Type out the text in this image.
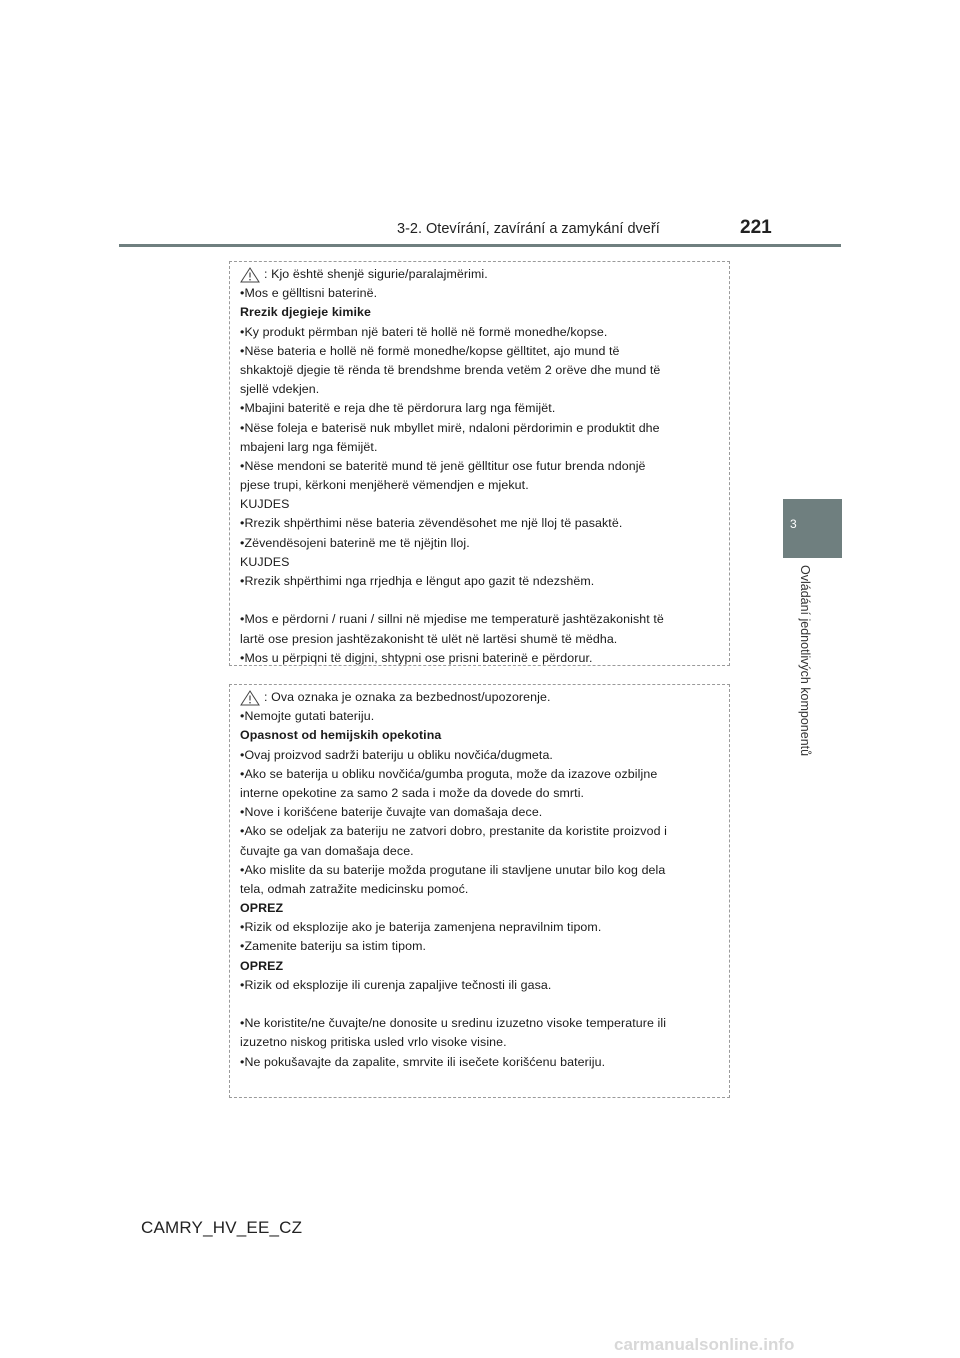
3-2. Otevírání, zavírání a zamykání dveří	221
3
Ovládání jednotlivých komponentů
: Kjo është shenjë sigurie/paralajmërimi.
•Mos e gëlltisni baterinë.
Rrezik djegieje kimike
•Ky produkt përmban një bateri të hollë në formë monedhe/kopse.
•Nëse bateria e hollë në formë monedhe/kopse gëlltitet, ajo mund të
shkaktojë djegie të rënda të brendshme brenda vetëm 2 orëve dhe mund të
sjellë vdekjen.
•Mbajini bateritë e reja dhe të përdorura larg nga fëmijët.
•Nëse foleja e baterisë nuk mbyllet mirë, ndaloni përdorimin e produktit dhe
mbajeni larg nga fëmijët.
•Nëse mendoni se bateritë mund të jenë gëlltitur ose futur brenda ndonjë
pjese trupi, kërkoni menjëherë vëmendjen e mjekut.
KUJDES
•Rrezik shpërthimi nëse bateria zëvendësohet me një lloj të pasaktë.
•Zëvendësojeni baterinë me të njëjtin lloj.
KUJDES
•Rrezik shpërthimi nga rrjedhja e lëngut apo gazit të ndezshëm.
•Mos e përdorni / ruani / sillni në mjedise me temperaturë jashtëzakonisht të
lartë ose presion jashtëzakonisht të ulët në lartësi shumë të mëdha.
•Mos u përpiqni të digjni, shtypni ose prisni baterinë e përdorur.
: Ova oznaka je oznaka za bezbednost/upozorenje.
•Nemojte gutati bateriju.
Opasnost od hemijskih opekotina
•Ovaj proizvod sadrži bateriju u obliku novčića/dugmeta.
•Ako se baterija u obliku novčića/gumba proguta, može da izazove ozbiljne
interne opekotine za samo 2 sada i može da dovede do smrti.
•Nove i korišćene baterije čuvajte van domašaja dece.
•Ako se odeljak za bateriju ne zatvori dobro, prestanite da koristite proizvod i
čuvajte ga van domašaja dece.
•Ako mislite da su baterije možda progutane ili stavljene unutar bilo kog dela
tela, odmah zatražite medicinsku pomoć.
OPREZ
•Rizik od eksplozije ako je baterija zamenjena nepravilnim tipom.
•Zamenite bateriju sa istim tipom.
OPREZ
•Rizik od eksplozije ili curenja zapaljive tečnosti ili gasa.
•Ne koristite/ne čuvajte/ne donosite u sredinu izuzetno visoke temperature ili
izuzetno niskog pritiska usled vrlo visoke visine.
•Ne pokušavajte da zapalite, smrvite ili isečete korišćenu bateriju.
CAMRY_HV_EE_CZ
carmanualsonline.info
